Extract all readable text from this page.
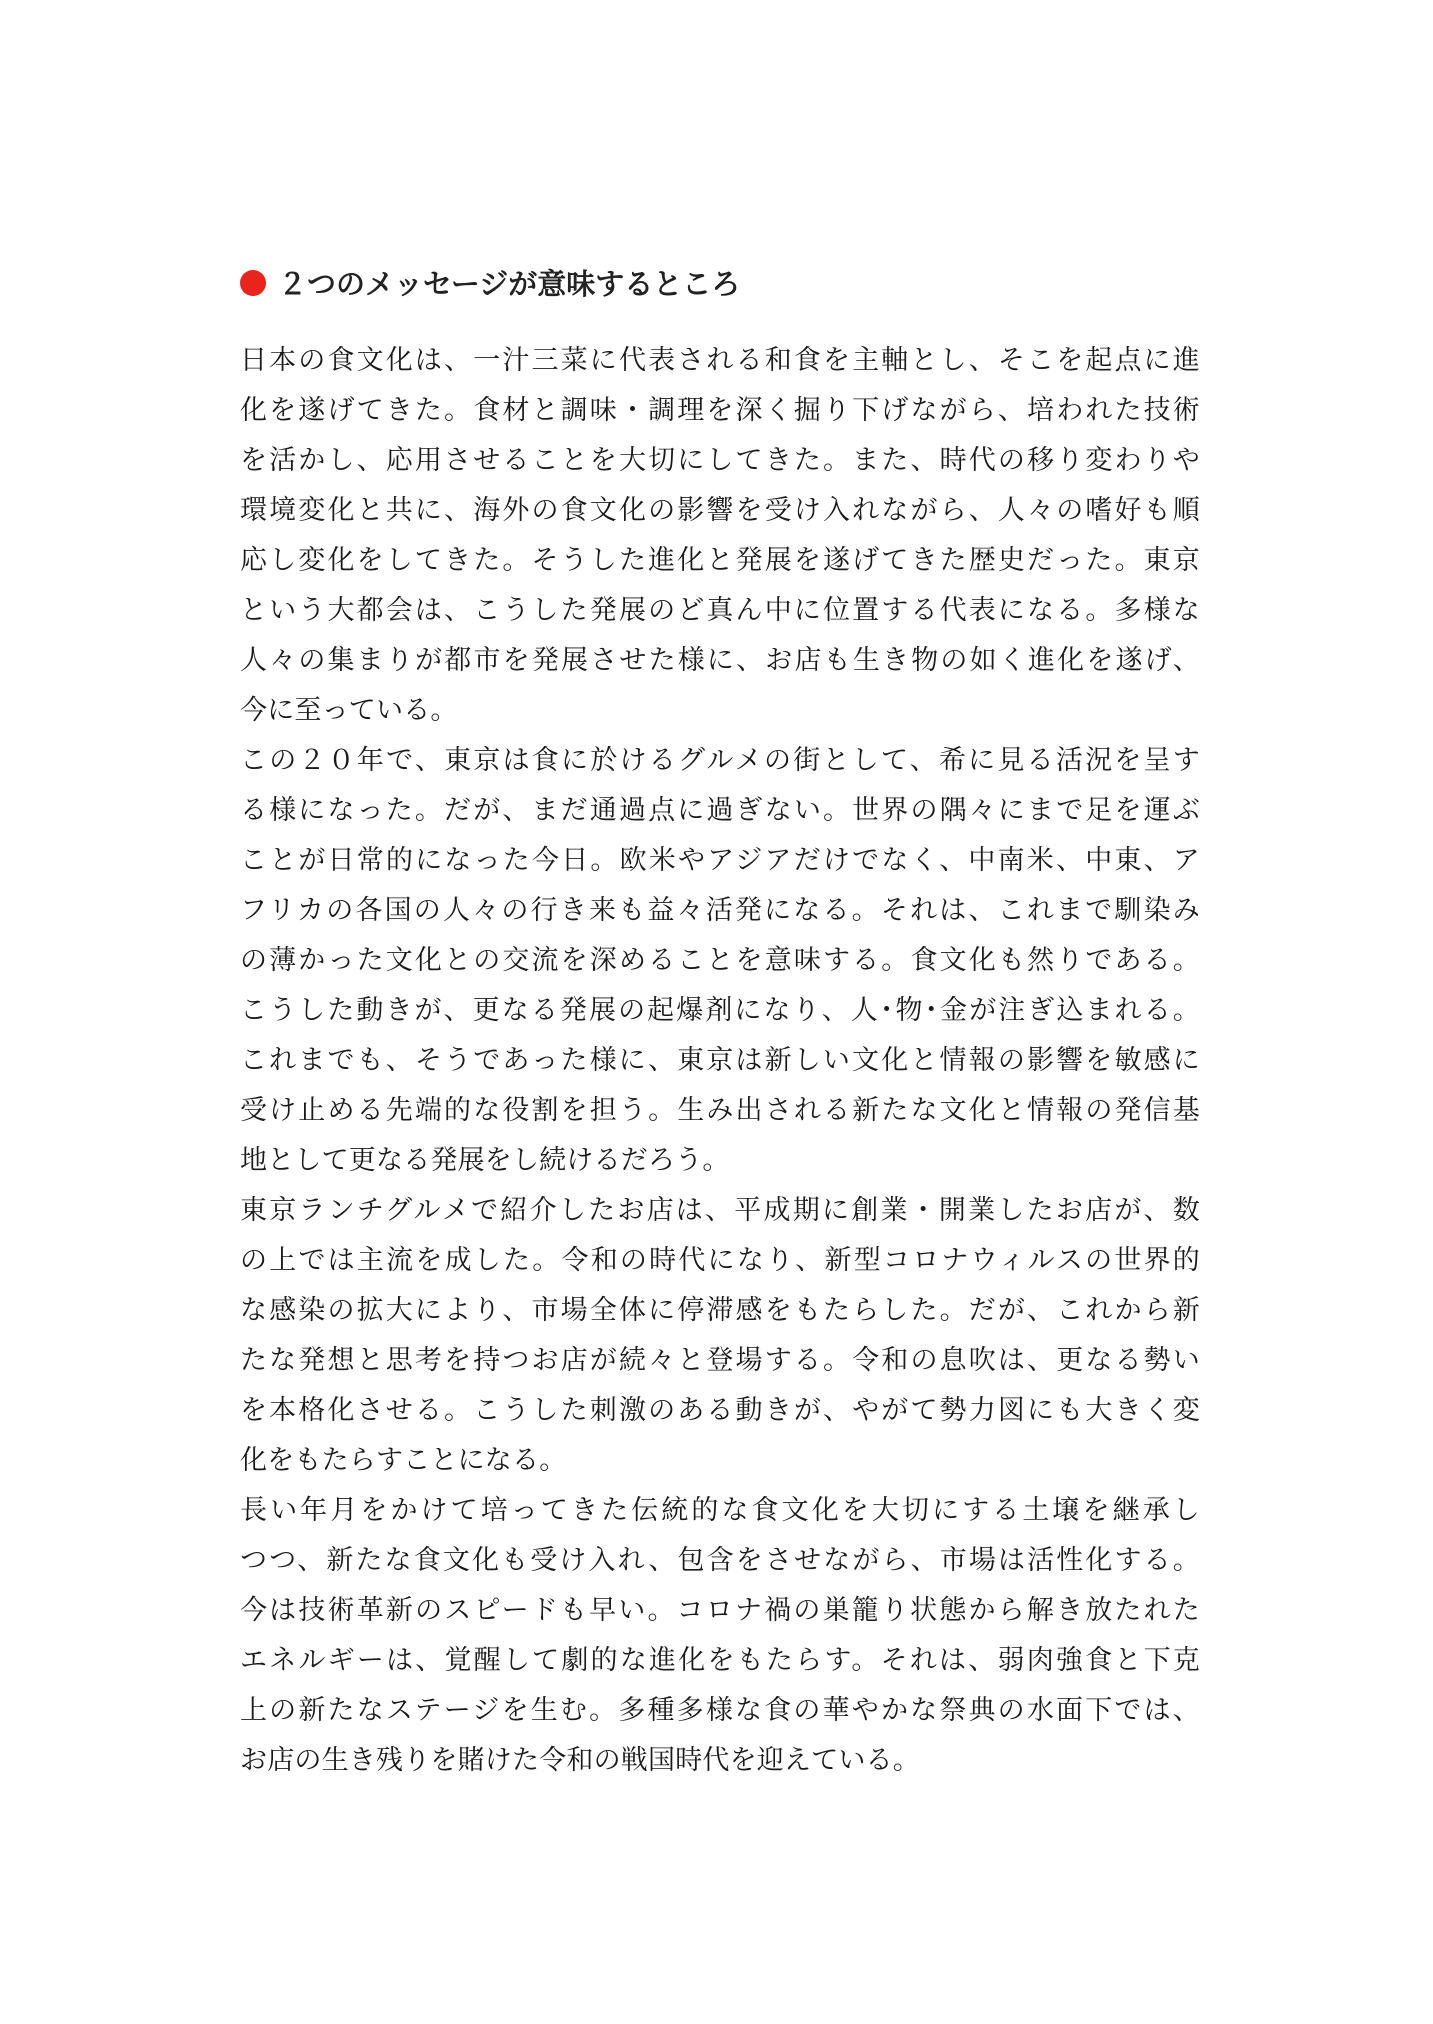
２つのメッセージが意味するところ
日本の食文化は、一汁三菜に代表される和食を主軸とし、そこを起点に進
化を遂げてきた。食材と調味・調理を深く掘り下げながら、培われた技術
を活かし、応用させることを大切にしてきた。また、時代の移り変わりや
環境変化と共に、海外の食文化の影響を受け入れながら、人々の嗜好も順
応し変化をしてきた。そうした進化と発展を遂げてきた歴史だった。東京
という大都会は、こうした発展のど真ん中に位置する代表になる。多様な
人々の集まりが都市を発展させた様に、お店も生き物の如く進化を遂げ、
今に至っている。
この２０年で、東京は食に於けるグルメの街として、希に見る活況を呈す
る様になった。だが、まだ通過点に過ぎない。世界の隅々にまで足を運ぶ
ことが日常的になった今日。欧米やアジアだけでなく、中南米、中東、ア
フリカの各国の人々の行き来も益々活発になる。それは、これまで馴染み
の薄かった文化との交流を深めることを意味する。食文化も然りである。
こうした動きが、更なる発展の起爆剤になり、人･物･金が注ぎ込まれる。
これまでも、そうであった様に、東京は新しい文化と情報の影響を敏感に
受け止める先端的な役割を担う。生み出される新たな文化と情報の発信基
地として更なる発展をし続けるだろう。
東京ランチグルメで紹介したお店は、平成期に創業・開業したお店が、数
の上では主流を成した。令和の時代になり、新型コロナウィルスの世界的
な感染の拡大により、市場全体に停滞感をもたらした。だが、これから新
たな発想と思考を持つお店が続々と登場する。令和の息吹は、更なる勢い
を本格化させる。こうした刺激のある動きが、やがて勢力図にも大きく変
化をもたらすことになる。
長い年月をかけて培ってきた伝統的な食文化を大切にする土壌を継承し
つつ、新たな食文化も受け入れ、包含をさせながら、市場は活性化する。
今は技術革新のスピードも早い。コロナ禍の巣籠り状態から解き放たれた
エネルギーは、覚醒して劇的な進化をもたらす。それは、弱肉強食と下克
上の新たなステージを生む。多種多様な食の華やかな祭典の水面下では、
お店の生き残りを賭けた令和の戦国時代を迎えている。
